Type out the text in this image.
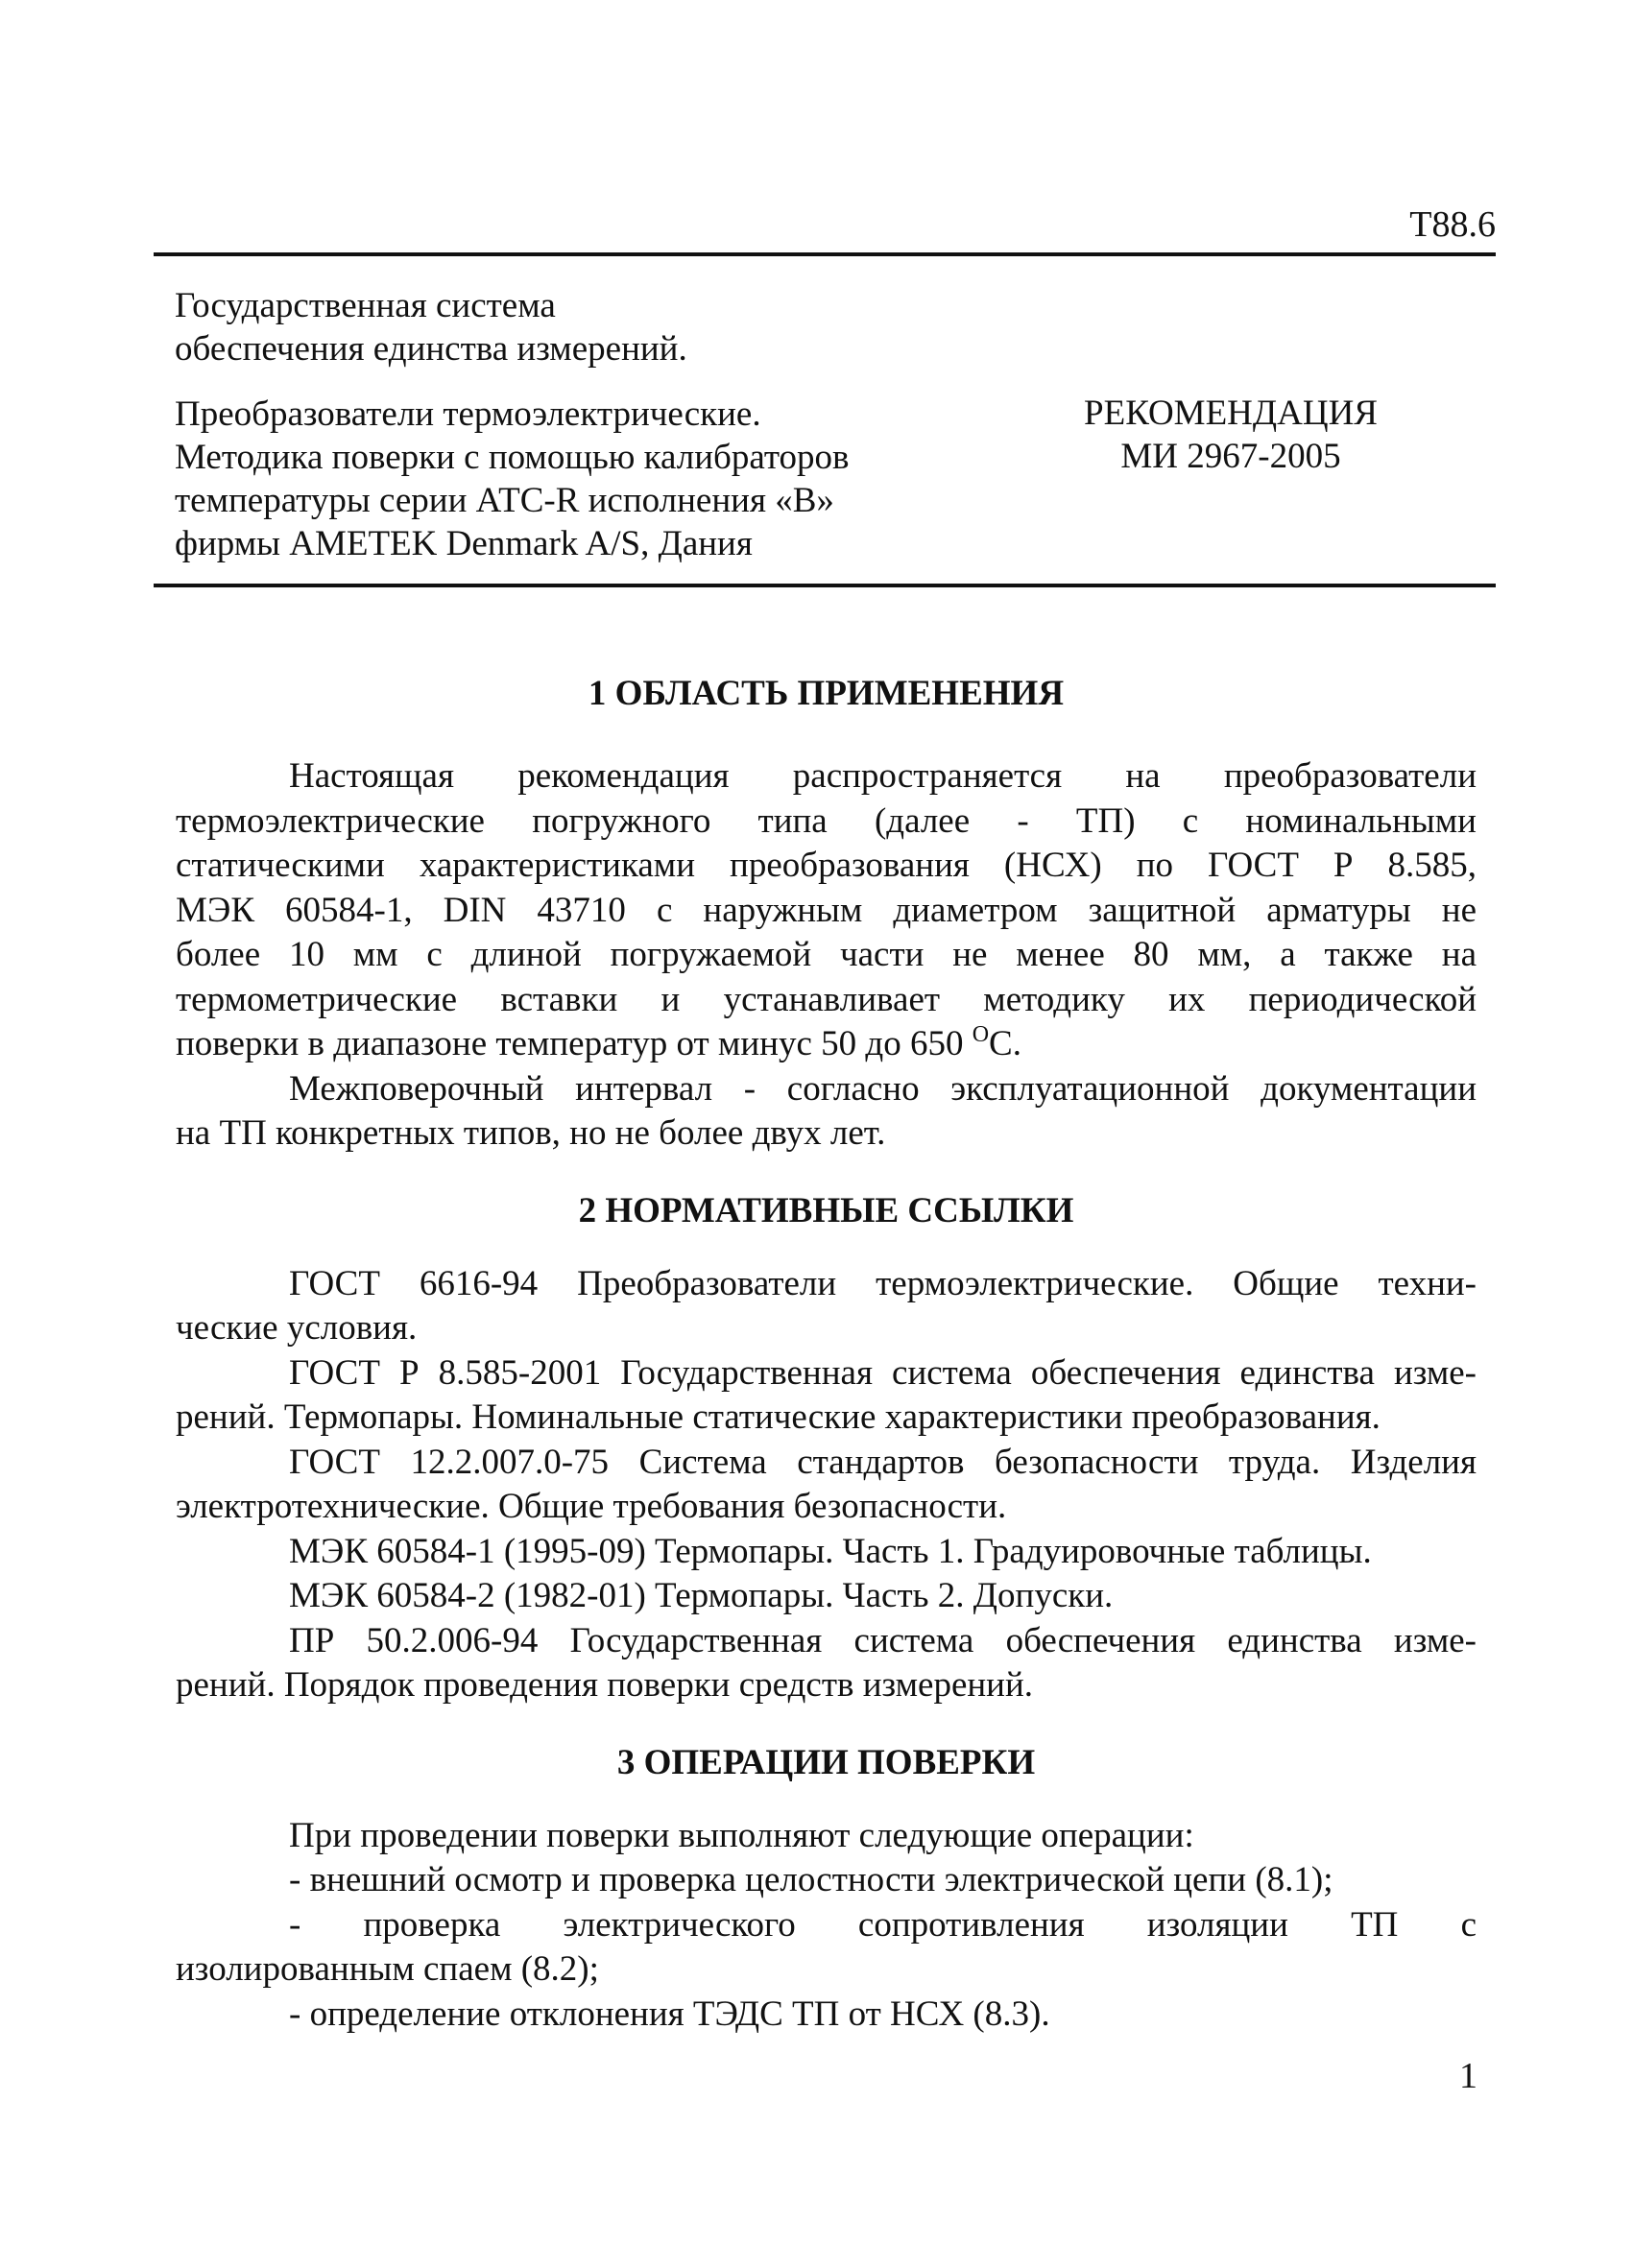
Т88.6
Государственная система
обеспечения единства измерений.
Преобразователи термоэлектрические.
Методика поверки с помощью калибраторов
температуры серии АТС-R исполнения «В»
фирмы AMETEK Denmark A/S, Дания
РЕКОМЕНДАЦИЯ
МИ 2967-2005
1 ОБЛАСТЬ ПРИМЕНЕНИЯ
Настоящая рекомендация распространяется на преобразователи
термоэлектрические погружного типа (далее - ТП) с номинальными
статическими характеристиками преобразования (НСХ) по ГОСТ Р 8.585,
МЭК 60584-1, DIN 43710 с наружным диаметром защитной арматуры не
более 10 мм с длиной погружаемой части не менее 80 мм, а также на
термометрические вставки и устанавливает методику их периодической
поверки в диапазоне температур от минус 50 до 650 $^O$C.
Межповерочный интервал - согласно эксплуатационной документации
на ТП конкретных типов, но не более двух лет.
2 НОРМАТИВНЫЕ ССЫЛКИ
ГОСТ 6616-94 Преобразователи термоэлектрические. Общие техни-
ческие условия.
ГОСТ Р 8.585-2001 Государственная система обеспечения единства изме-
рений. Термопары. Номинальные статические характеристики преобразования.
ГОСТ 12.2.007.0-75 Система стандартов безопасности труда. Изделия
электротехнические. Общие требования безопасности.
МЭК 60584-1 (1995-09) Термопары. Часть 1. Градуировочные таблицы.
МЭК 60584-2 (1982-01) Термопары. Часть 2. Допуски.
ПР 50.2.006-94 Государственная система обеспечения единства изме-
рений. Порядок проведения поверки средств измерений.
3 ОПЕРАЦИИ ПОВЕРКИ
При проведении поверки выполняют следующие операции:
- внешний осмотр и проверка целостности электрической цепи (8.1);
- проверка электрического сопротивления изоляции ТП с
изолированным спаем (8.2);
- определение отклонения ТЭДС ТП от НСХ (8.3).
1
